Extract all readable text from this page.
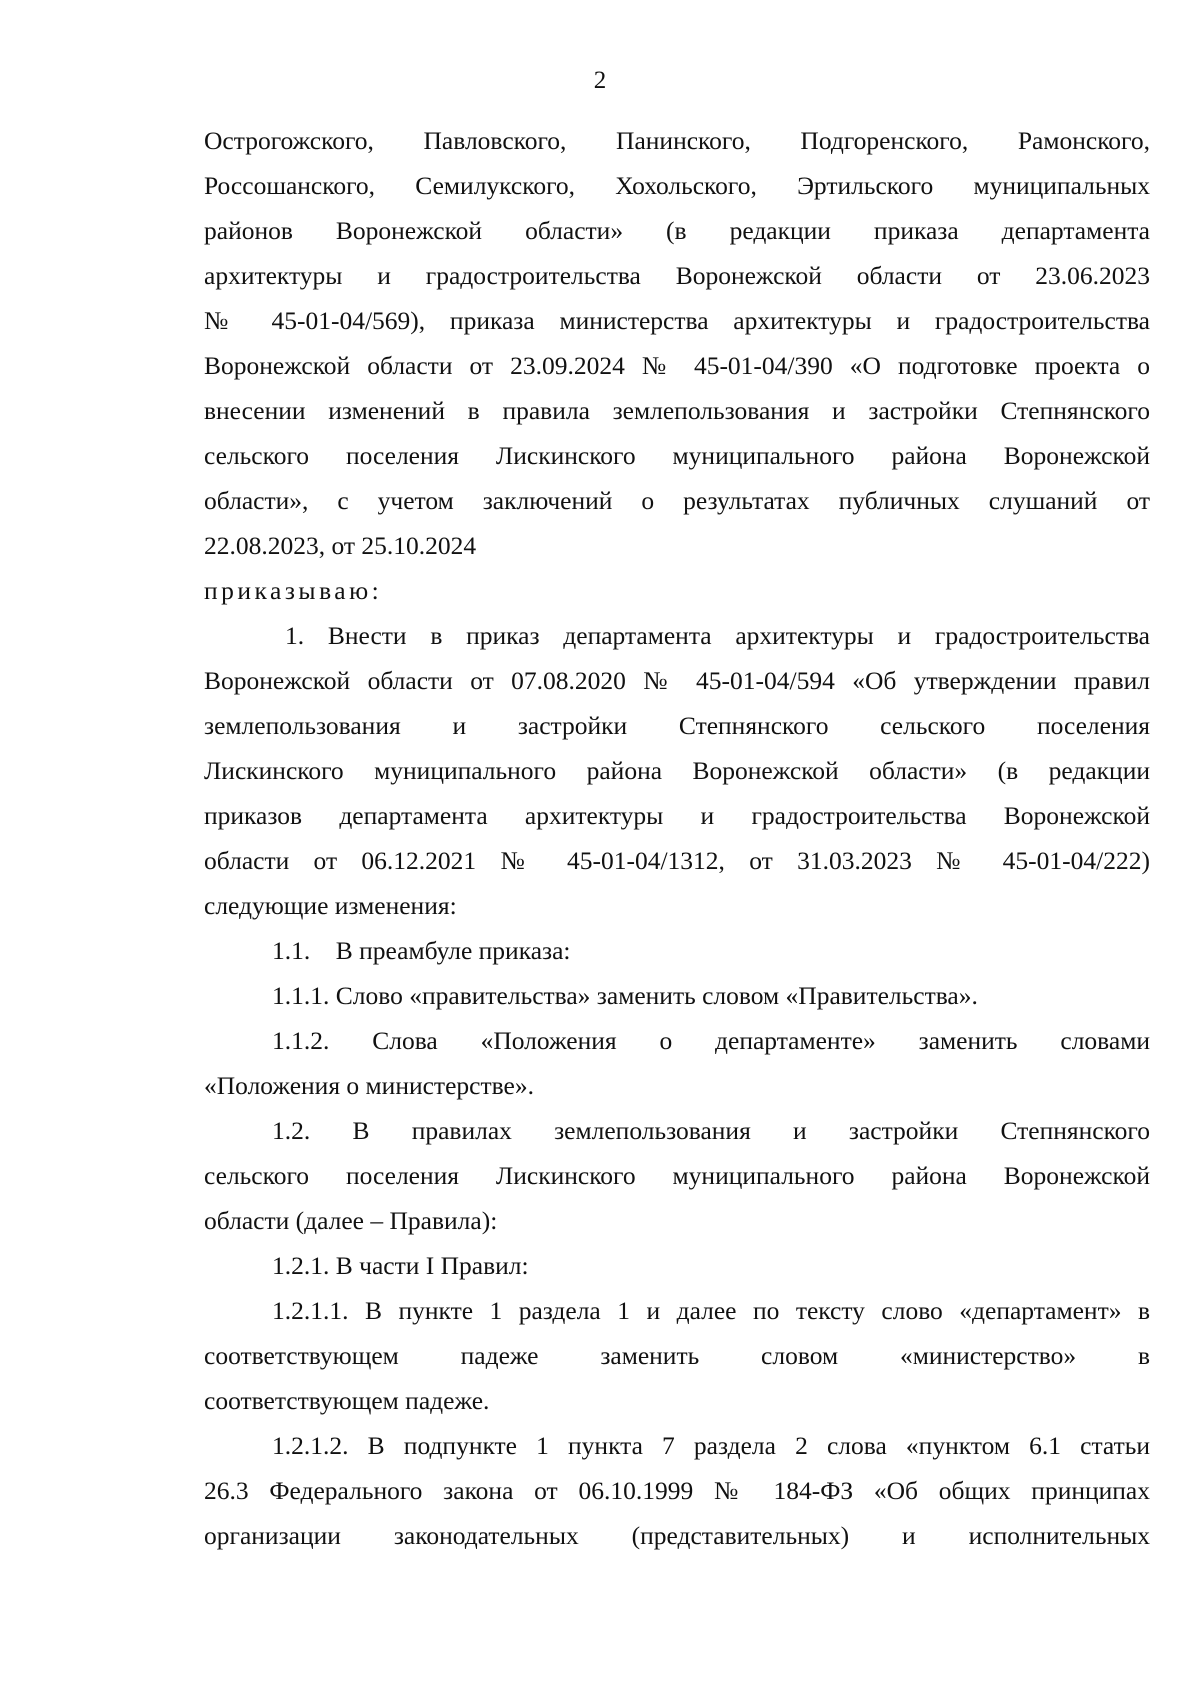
2
Острогожского, Павловского, Панинского, Подгоренского, Рамонского,
Россошанского, Семилукского, Хохольского, Эртильского муниципальных
районов Воронежской области» (в редакции приказа департамента
архитектуры и градостроительства Воронежской области от 23.06.2023
№ 45-01-04/569), приказа министерства архитектуры и градостроительства
Воронежской области от 23.09.2024 № 45-01-04/390 «О подготовке проекта о
внесении изменений в правила землепользования и застройки Степнянского
сельского поселения Лискинского муниципального района Воронежской
области», с учетом заключений о результатах публичных слушаний от
22.08.2023, от 25.10.2024
приказываю:
1. Внести в приказ департамента архитектуры и градостроительства
Воронежской области от 07.08.2020 № 45-01-04/594 «Об утверждении правил
землепользования и застройки Степнянского сельского поселения
Лискинского муниципального района Воронежской области» (в редакции
приказов департамента архитектуры и градостроительства Воронежской
области от 06.12.2021 № 45-01-04/1312, от 31.03.2023 № 45-01-04/222)
следующие изменения:
1.1.    В преамбуле приказа:
1.1.1. Слово «правительства» заменить словом «Правительства».
1.1.2. Слова «Положения о департаменте» заменить словами
«Положения о министерстве».
1.2. В правилах землепользования и застройки Степнянского
сельского поселения Лискинского муниципального района Воронежской
области (далее – Правила):
1.2.1. В части I Правил:
1.2.1.1. В пункте 1 раздела 1 и далее по тексту слово «департамент» в
соответствующем падеже заменить словом «министерство» в
соответствующем падеже.
1.2.1.2. В подпункте 1 пункта 7 раздела 2 слова «пунктом 6.1 статьи
26.3 Федерального закона от 06.10.1999 № 184-ФЗ «Об общих принципах
организации законодательных (представительных) и исполнительных
